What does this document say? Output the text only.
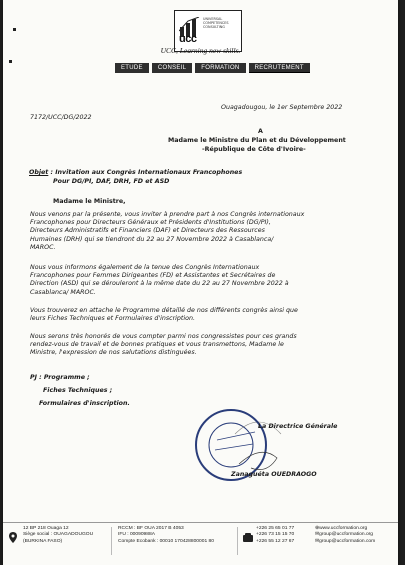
ucc
UNIVERSAL
COMPETENCES
CONSULTING
UCC, Learning new skills.
ETUDE	CONSEIL	FORMATION	RECRUTEMENT
Ouagadougou, le 1er Septembre 2022
7172/UCC/DG/2022
A
Madame le Ministre du Plan et du Développement
-République de Côte d'Ivoire-
Objet : Invitation aux Congrès Internationaux Francophones
Pour DG/PI, DAF, DRH, FD et ASD
Madame le Ministre,
Nous venons par la présente, vous inviter à prendre part à nos Congrès internationaux
Francophones pour Directeurs Généraux et Présidents d'Institutions (DG/PI),
Directeurs Administratifs et Financiers (DAF) et Directeurs des Ressources
Humaines (DRH) qui se tiendront du 22 au 27 Novembre 2022 à Casablanca/
MAROC.
Nous vous informons également de la tenue des Congrès Internationaux
Francophones pour Femmes Dirigeantes (FD) et Assistantes et Secrétaires de
Direction (ASD) qui se dérouleront à la même date du 22 au 27 Novembre 2022 à
Casablanca/ MAROC.
Vous trouverez en attache le Programme détaillé de nos différents congrès ainsi que
leurs Fiches Techniques et Formulaires d'inscription.
Nous serons très honorés de vous compter parmi nos congressistes pour ces grands
rendez-vous de travail et de bonnes pratiques et vous transmettons, Madame le
Ministre, l'expression de nos salutations distinguées.
PJ : Programme ;
Fiches Techniques ;
Formulaires d'inscription.
La Directrice Générale
Zanaguéta OUEDRAOGO
12 BP 218 Ouaga 12
Siège social : OUAGADOUGOU
(BURKINA FASO)
RCCM : BF OUA 2017 B 4053
IFU : 00090988A
Compte Ecobank : 00010 170428800001 80
+226 25 65 01 77
+226 73 15 15 70
+226 55 12 27 67
⊕www.uccformation.org
✉group@uccformation.org
✉group@uccformation.com
